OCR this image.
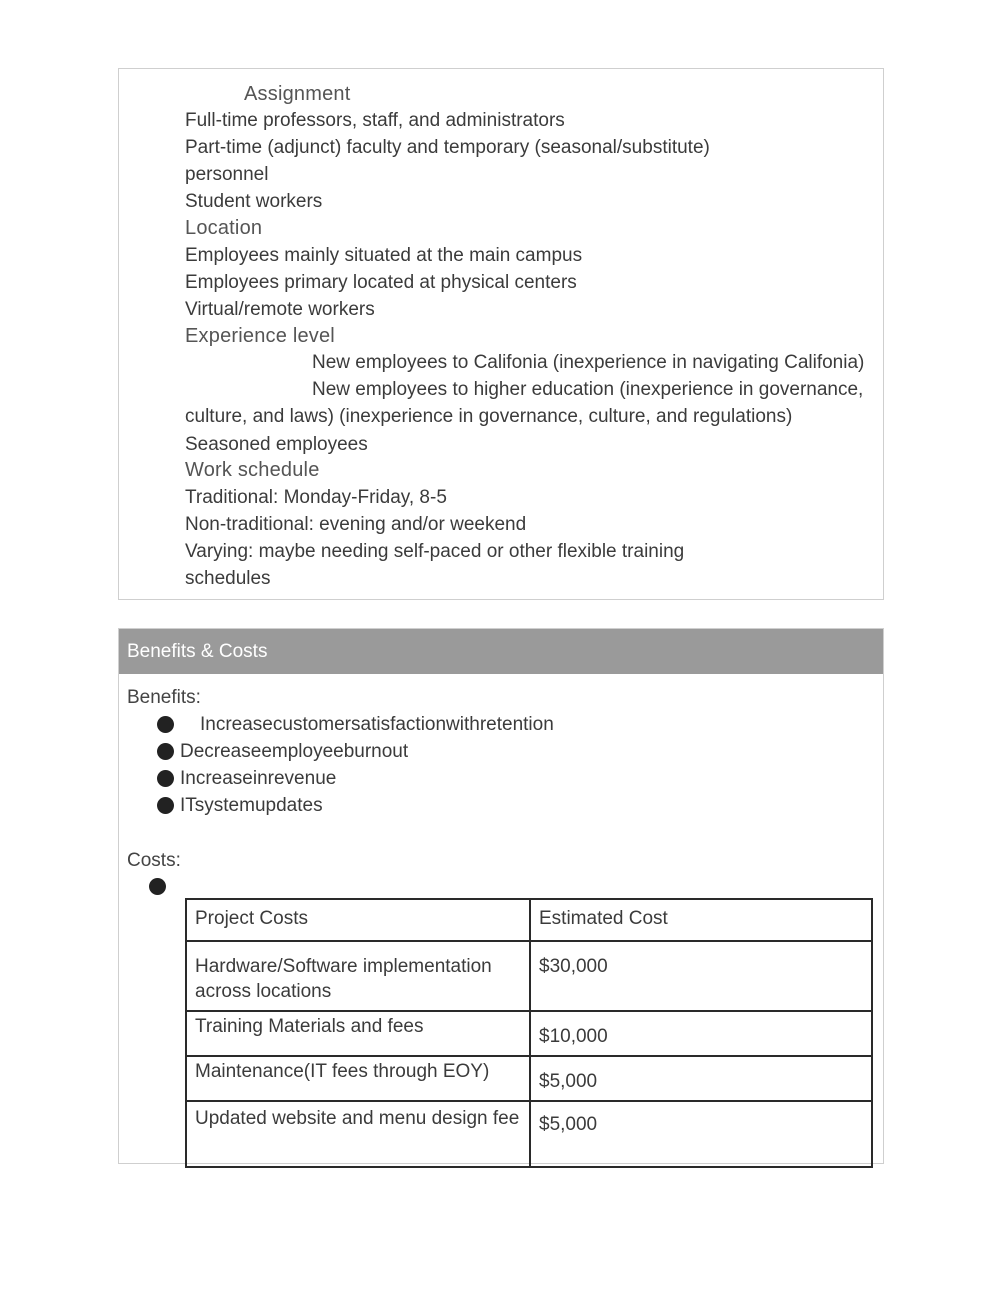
Assignment
Full-time professors, staff, and administrators
Part-time (adjunct) faculty and temporary (seasonal/substitute)
personnel
Student workers
Location
Employees mainly situated at the main campus
Employees primary located at physical centers
Virtual/remote workers
Experience level
New employees to Califonia (inexperience in navigating Califonia)
New employees to higher education (inexperience in governance,
culture, and laws) (inexperience in governance, culture, and regulations)
Seasoned employees
Work schedule
Traditional: Monday-Friday, 8-5
Non-traditional: evening and/or weekend
Varying: maybe needing self-paced or other flexible training
schedules
Benefits & Costs
Benefits:
Increasecustomersatisfactionwithretention
Decreaseemployeeburnout
Increaseinrevenue
ITsystemupdates
Costs:
Project Costs	Estimated Cost
Hardware/Software implementation across locations	$30,000
Training Materials and fees	$10,000
Maintenance(IT fees through EOY)	$5,000
Updated website and menu design fee	$5,000
